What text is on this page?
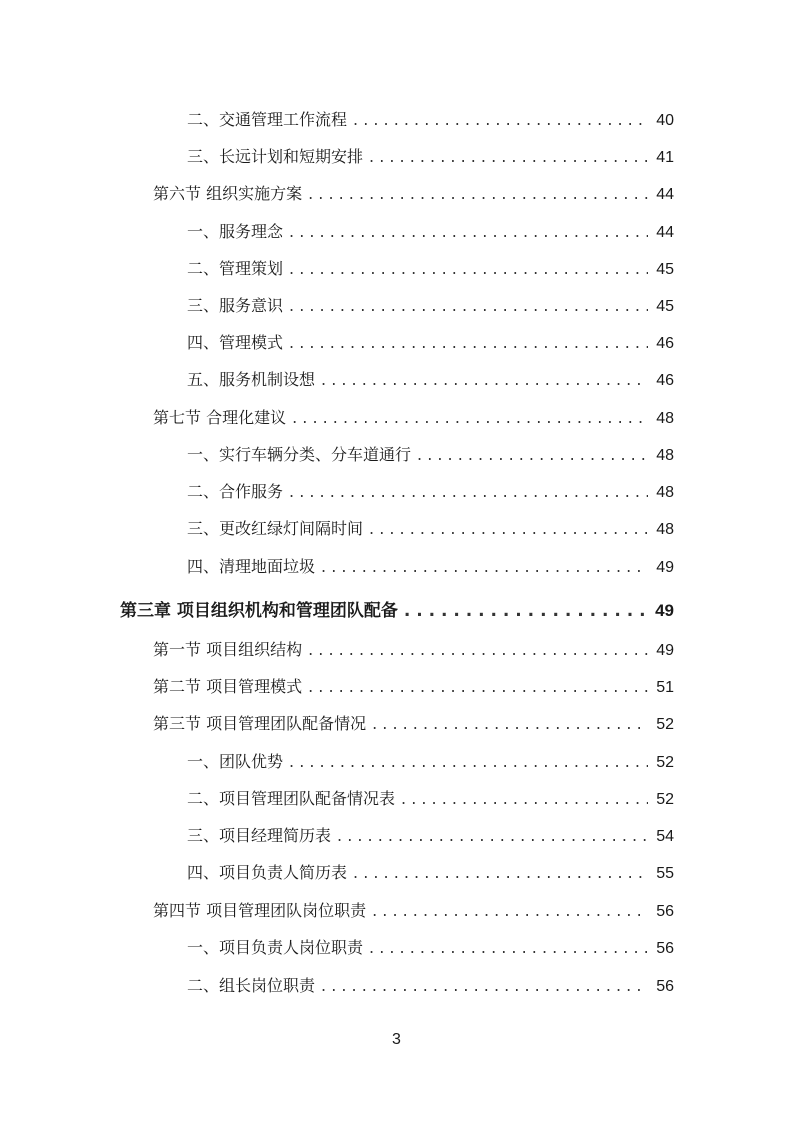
二、交通管理工作流程 . . .	40
三、长远计划和短期安排 . . .	41
第六节 组织实施方案 . . .	44
一、服务理念 . . .	44
二、管理策划 . . .	45
三、服务意识 . . .	45
四、管理模式 . . .	46
五、服务机制设想 . . .	46
第七节 合理化建议 . . .	48
一、实行车辆分类、分车道通行 . . .	48
二、合作服务 . . .	48
三、更改红绿灯间隔时间 . . .	48
四、清理地面垃圾 . . .	49
第三章 项目组织机构和管理团队配备 . . .	49
第一节 项目组织结构 . . .	49
第二节 项目管理模式 . . .	51
第三节 项目管理团队配备情况 . . .	52
一、团队优势 . . .	52
二、项目管理团队配备情况表 . . .	52
三、项目经理简历表 . . .	54
四、项目负责人简历表 . . .	55
第四节 项目管理团队岗位职责 . . .	56
一、项目负责人岗位职责 . . .	56
二、组长岗位职责 . . .	56
3
